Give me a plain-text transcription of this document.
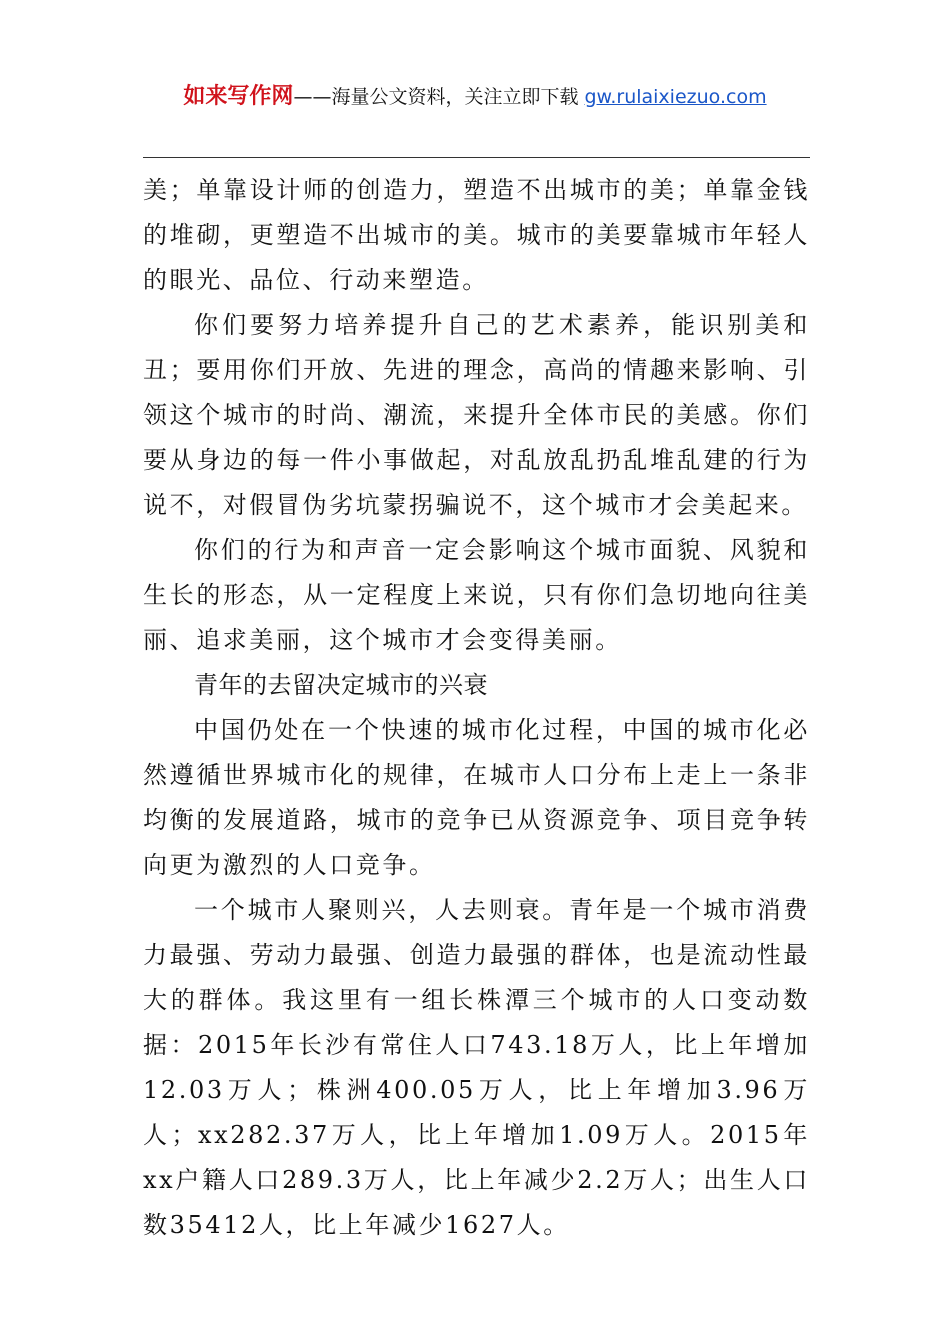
如来写作网——海量公文资料，关注立即下载 gw.rulaixiezuo.com

美；单靠设计师的创造力，塑造不出城市的美；单靠金钱的堆砌，更塑造不出城市的美。城市的美要靠城市年轻人的眼光、品位、行动来塑造。

你们要努力培养提升自己的艺术素养，能识别美和丑；要用你们开放、先进的理念，高尚的情趣来影响、引领这个城市的时尚、潮流，来提升全体市民的美感。你们要从身边的每一件小事做起，对乱放乱扔乱堆乱建的行为说不，对假冒伪劣坑蒙拐骗说不，这个城市才会美起来。

你们的行为和声音一定会影响这个城市面貌、风貌和生长的形态，从一定程度上来说，只有你们急切地向往美丽、追求美丽，这个城市才会变得美丽。

青年的去留决定城市的兴衰

中国仍处在一个快速的城市化过程，中国的城市化必然遵循世界城市化的规律，在城市人口分布上走上一条非均衡的发展道路，城市的竞争已从资源竞争、项目竞争转向更为激烈的人口竞争。

一个城市人聚则兴，人去则衰。青年是一个城市消费力最强、劳动力最强、创造力最强的群体，也是流动性最大的群体。我这里有一组长株潭三个城市的人口变动数据：2015年长沙有常住人口743.18万人，比上年增加12.03万人；株洲400.05万人，比上年增加3.96万人；xx282.37万人，比上年增加1.09万人。2015年xx户籍人口289.3万人，比上年减少2.2万人；出生人口数35412人，比上年减少1627人。
